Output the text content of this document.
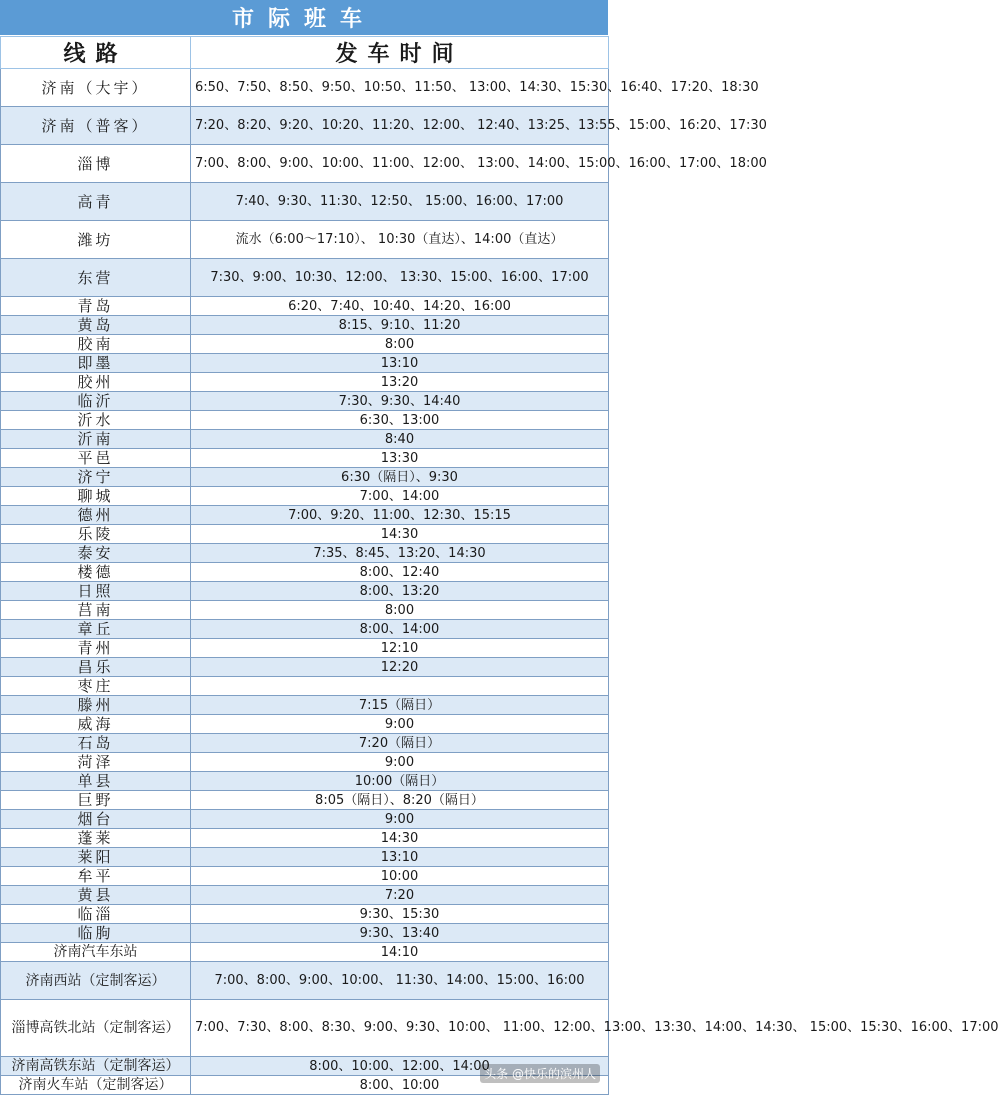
市际班车
线路	发车时间
济南（大宇）	6:50、7:50、8:50、9:50、10:50、11:50、 13:00、14:30、15:30、16:40、17:20、18:30
济南（普客）	7:20、8:20、9:20、10:20、11:20、12:00、 12:40、13:25、13:55、15:00、16:20、17:30
淄博	7:00、8:00、9:00、10:00、11:00、12:00、 13:00、14:00、15:00、16:00、17:00、18:00
高青	7:40、9:30、11:30、12:50、 15:00、16:00、17:00
潍坊	流水（6:00～17:10）、 10:30（直达）、14:00（直达）
东营	7:30、9:00、10:30、12:00、 13:30、15:00、16:00、17:00
青岛	6:20、7:40、10:40、14:20、16:00
黄岛	8:15、9:10、11:20
胶南	8:00
即墨	13:10
胶州	13:20
临沂	7:30、9:30、14:40
沂水	6:30、13:00
沂南	8:40
平邑	13:30
济宁	6:30（隔日）、9:30
聊城	7:00、14:00
德州	7:00、9:20、11:00、12:30、15:15
乐陵	14:30
泰安	7:35、8:45、13:20、14:30
楼德	8:00、12:40
日照	8:00、13:20
莒南	8:00
章丘	8:00、14:00
青州	12:10
昌乐	12:20
枣庄	
滕州	7:15（隔日）
威海	9:00
石岛	7:20（隔日）
菏泽	9:00
单县	10:00（隔日）
巨野	8:05（隔日）、8:20（隔日）
烟台	9:00
蓬莱	14:30
莱阳	13:10
牟平	10:00
黄县	7:20
临淄	9:30、15:30
临朐	9:30、13:40
济南汽车东站	14:10
济南西站（定制客运）	7:00、8:00、9:00、10:00、 11:30、14:00、15:00、16:00
淄博高铁北站（定制客运）	7:00、7:30、8:00、8:30、9:00、9:30、10:00、 11:00、12:00、13:00、13:30、14:00、14:30、 15:00、15:30、16:00、17:00
济南高铁东站（定制客运）	8:00、10:00、12:00、14:00
济南火车站（定制客运）	8:00、10:00
头条 @快乐的滨州人
